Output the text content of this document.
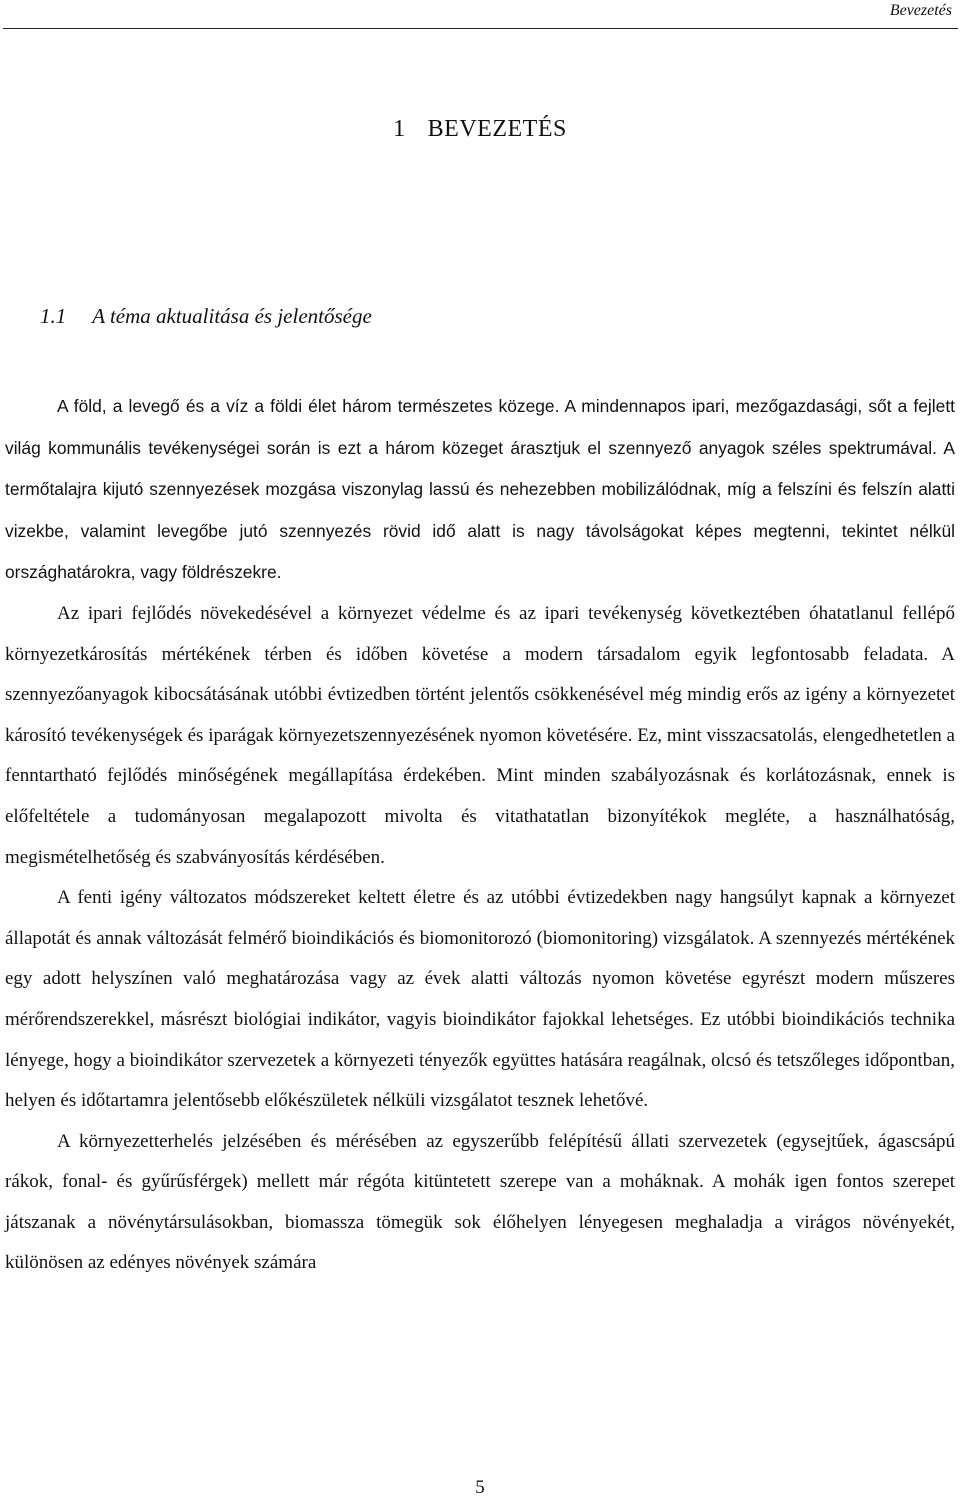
Bevezetés
1 BEVEZETÉS
1.1 A téma aktualitása és jelentősége

A föld, a levegő és a víz a földi élet három természetes közege. A mindennapos ipari, mezőgazdasági, sőt a fejlett világ kommunális tevékenységei során is ezt a három közeget árasztjuk el szennyező anyagok széles spektrumával. A termőtalajra kijutó szennyezések mozgása viszonylag lassú és nehezebben mobilizálódnak, míg a felszíni és felszín alatti vizekbe, valamint levegőbe jutó szennyezés rövid idő alatt is nagy távolságokat képes megtenni, tekintet nélkül országhatárokra, vagy földrészekre.

Az ipari fejlődés növekedésével a környezet védelme és az ipari tevékenység következtében óhatatlanul fellépő környezetkárosítás mértékének térben és időben követése a modern társadalom egyik legfontosabb feladata. A szennyezőanyagok kibocsátásának utóbbi évtizedben történt jelentős csökkenésével még mindig erős az igény a környezetet károsító tevékenységek és iparágak környezetszennyezésének nyomon követésére. Ez, mint visszacsatolás, elengedhetetlen a fenntartható fejlődés minőségének megállapítása érdekében. Mint minden szabályozásnak és korlátozásnak, ennek is előfeltétele a tudományosan megalapozott mivolta és vitathatatlan bizonyítékok megléte, a használhatóság, megismételhetőség és szabványosítás kérdésében.

A fenti igény változatos módszereket keltett életre és az utóbbi évtizedekben nagy hangsúlyt kapnak a környezet állapotát és annak változását felmérő bioindikációs és biomonitorozó (biomonitoring) vizsgálatok. A szennyezés mértékének egy adott helyszínen való meghatározása vagy az évek alatti változás nyomon követése egyrészt modern műszeres mérőrendszerekkel, másrészt biológiai indikátor, vagyis bioindikátor fajokkal lehetséges. Ez utóbbi bioindikációs technika lényege, hogy a bioindikátor szervezetek a környezeti tényezők együttes hatására reagálnak, olcsó és tetszőleges időpontban, helyen és időtartamra jelentősebb előkészületek nélküli vizsgálatot tesznek lehetővé.

A környezetterhelés jelzésében és mérésében az egyszerűbb felépítésű állati szervezetek (egysejtűek, ágascsápú rákok, fonal- és gyűrűsférgek) mellett már régóta kitüntetett szerepe van a moháknak. A mohák igen fontos szerepet játszanak a növénytársulásokban, biomassza tömegük sok élőhelyen lényegesen meghaladja a virágos növényekét, különösen az edényes növények számára

5
